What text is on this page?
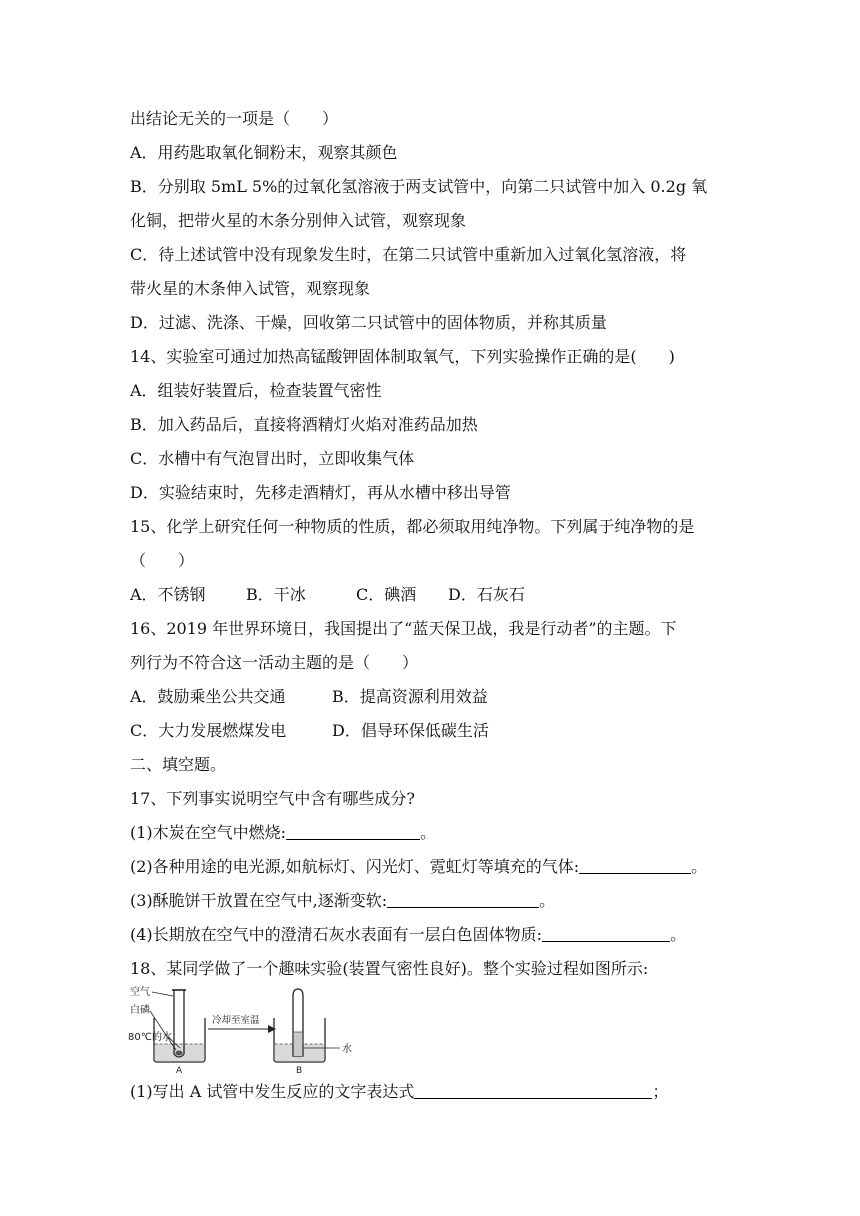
出结论无关的一项是（　　）
A．用药匙取氧化铜粉末，观察其颜色
B．分别取 5mL 5%的过氧化氢溶液于两支试管中，向第二只试管中加入 0.2g 氧
化铜，把带火星的木条分别伸入试管，观察现象
C．待上述试管中没有现象发生时，在第二只试管中重新加入过氧化氢溶液，将
带火星的木条伸入试管，观察现象
D．过滤、洗涤、干燥，回收第二只试管中的固体物质，并称其质量
14、实验室可通过加热高锰酸钾固体制取氧气，下列实验操作正确的是(　　)
A．组装好装置后，检查装置气密性
B．加入药品后，直接将酒精灯火焰对准药品加热
C．水槽中有气泡冒出时，立即收集气体
D．实验结束时，先移走酒精灯，再从水槽中移出导管
15、化学上研究任何一种物质的性质，都必须取用纯净物。下列属于纯净物的是
（　　）
A．不锈钢	B．干冰	C．碘酒 D．石灰石
16、2019 年世界环境日，我国提出了“蓝天保卫战，我是行动者”的主题。下
列行为不符合这一活动主题的是（　　）
A．鼓励乘坐公共交通	B．提高资源利用效益
C．大力发展燃煤发电	D．倡导环保低碳生活
二、填空题。
17、下列事实说明空气中含有哪些成分?
(1)木炭在空气中燃烧:	。
(2)各种用途的电光源,如航标灯、闪光灯、霓虹灯等填充的气体:	。
(3)酥脆饼干放置在空气中,逐渐变软:	。
(4)长期放在空气中的澄清石灰水表面有一层白色固体物质:	。
18、某同学做了一个趣味实验(装置气密性良好)。整个实验过程如图所示:
空气
白磷
80℃的水
A
冷却至室温
水
B
(1)写出 A 试管中发生反应的文字表达式	；
